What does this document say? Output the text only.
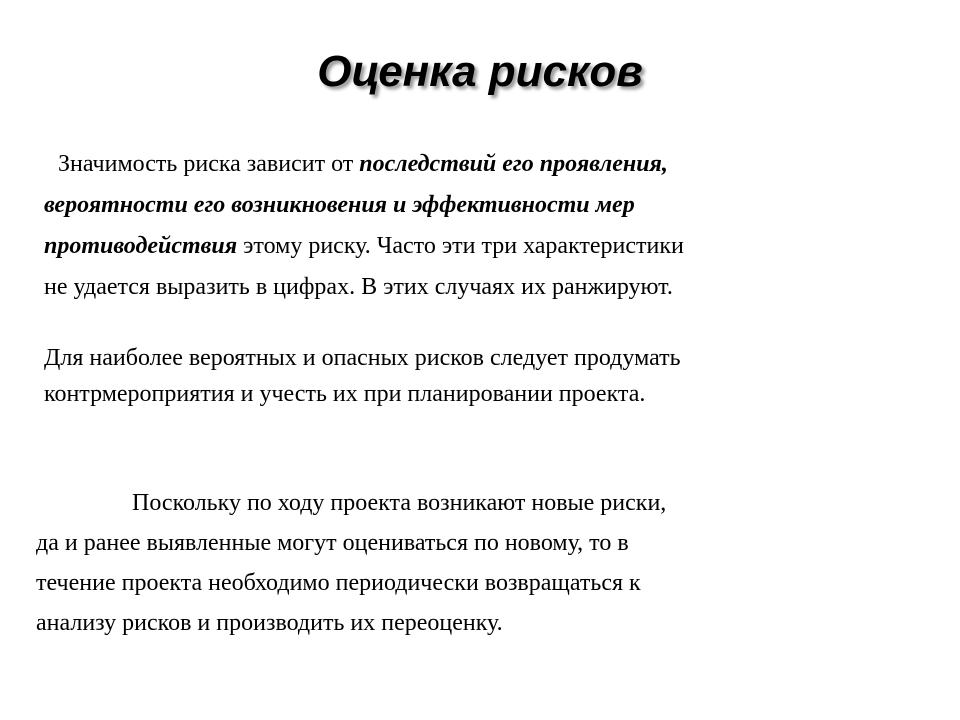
Оценка рисков
Значимость риска зависит от последствий его проявления,
вероятности его возникновения и эффективности мер
противодействия этому риску. Часто эти три характеристики
не удается выразить в цифрах. В этих случаях их ранжируют.
Для наиболее вероятных и опасных рисков следует продумать
контрмероприятия и учесть их при планировании проекта.
Поскольку по ходу проекта возникают новые риски,
да и ранее выявленные могут оцениваться по новому, то в
течение проекта необходимо периодически возвращаться к
анализу рисков и производить их переоценку.
